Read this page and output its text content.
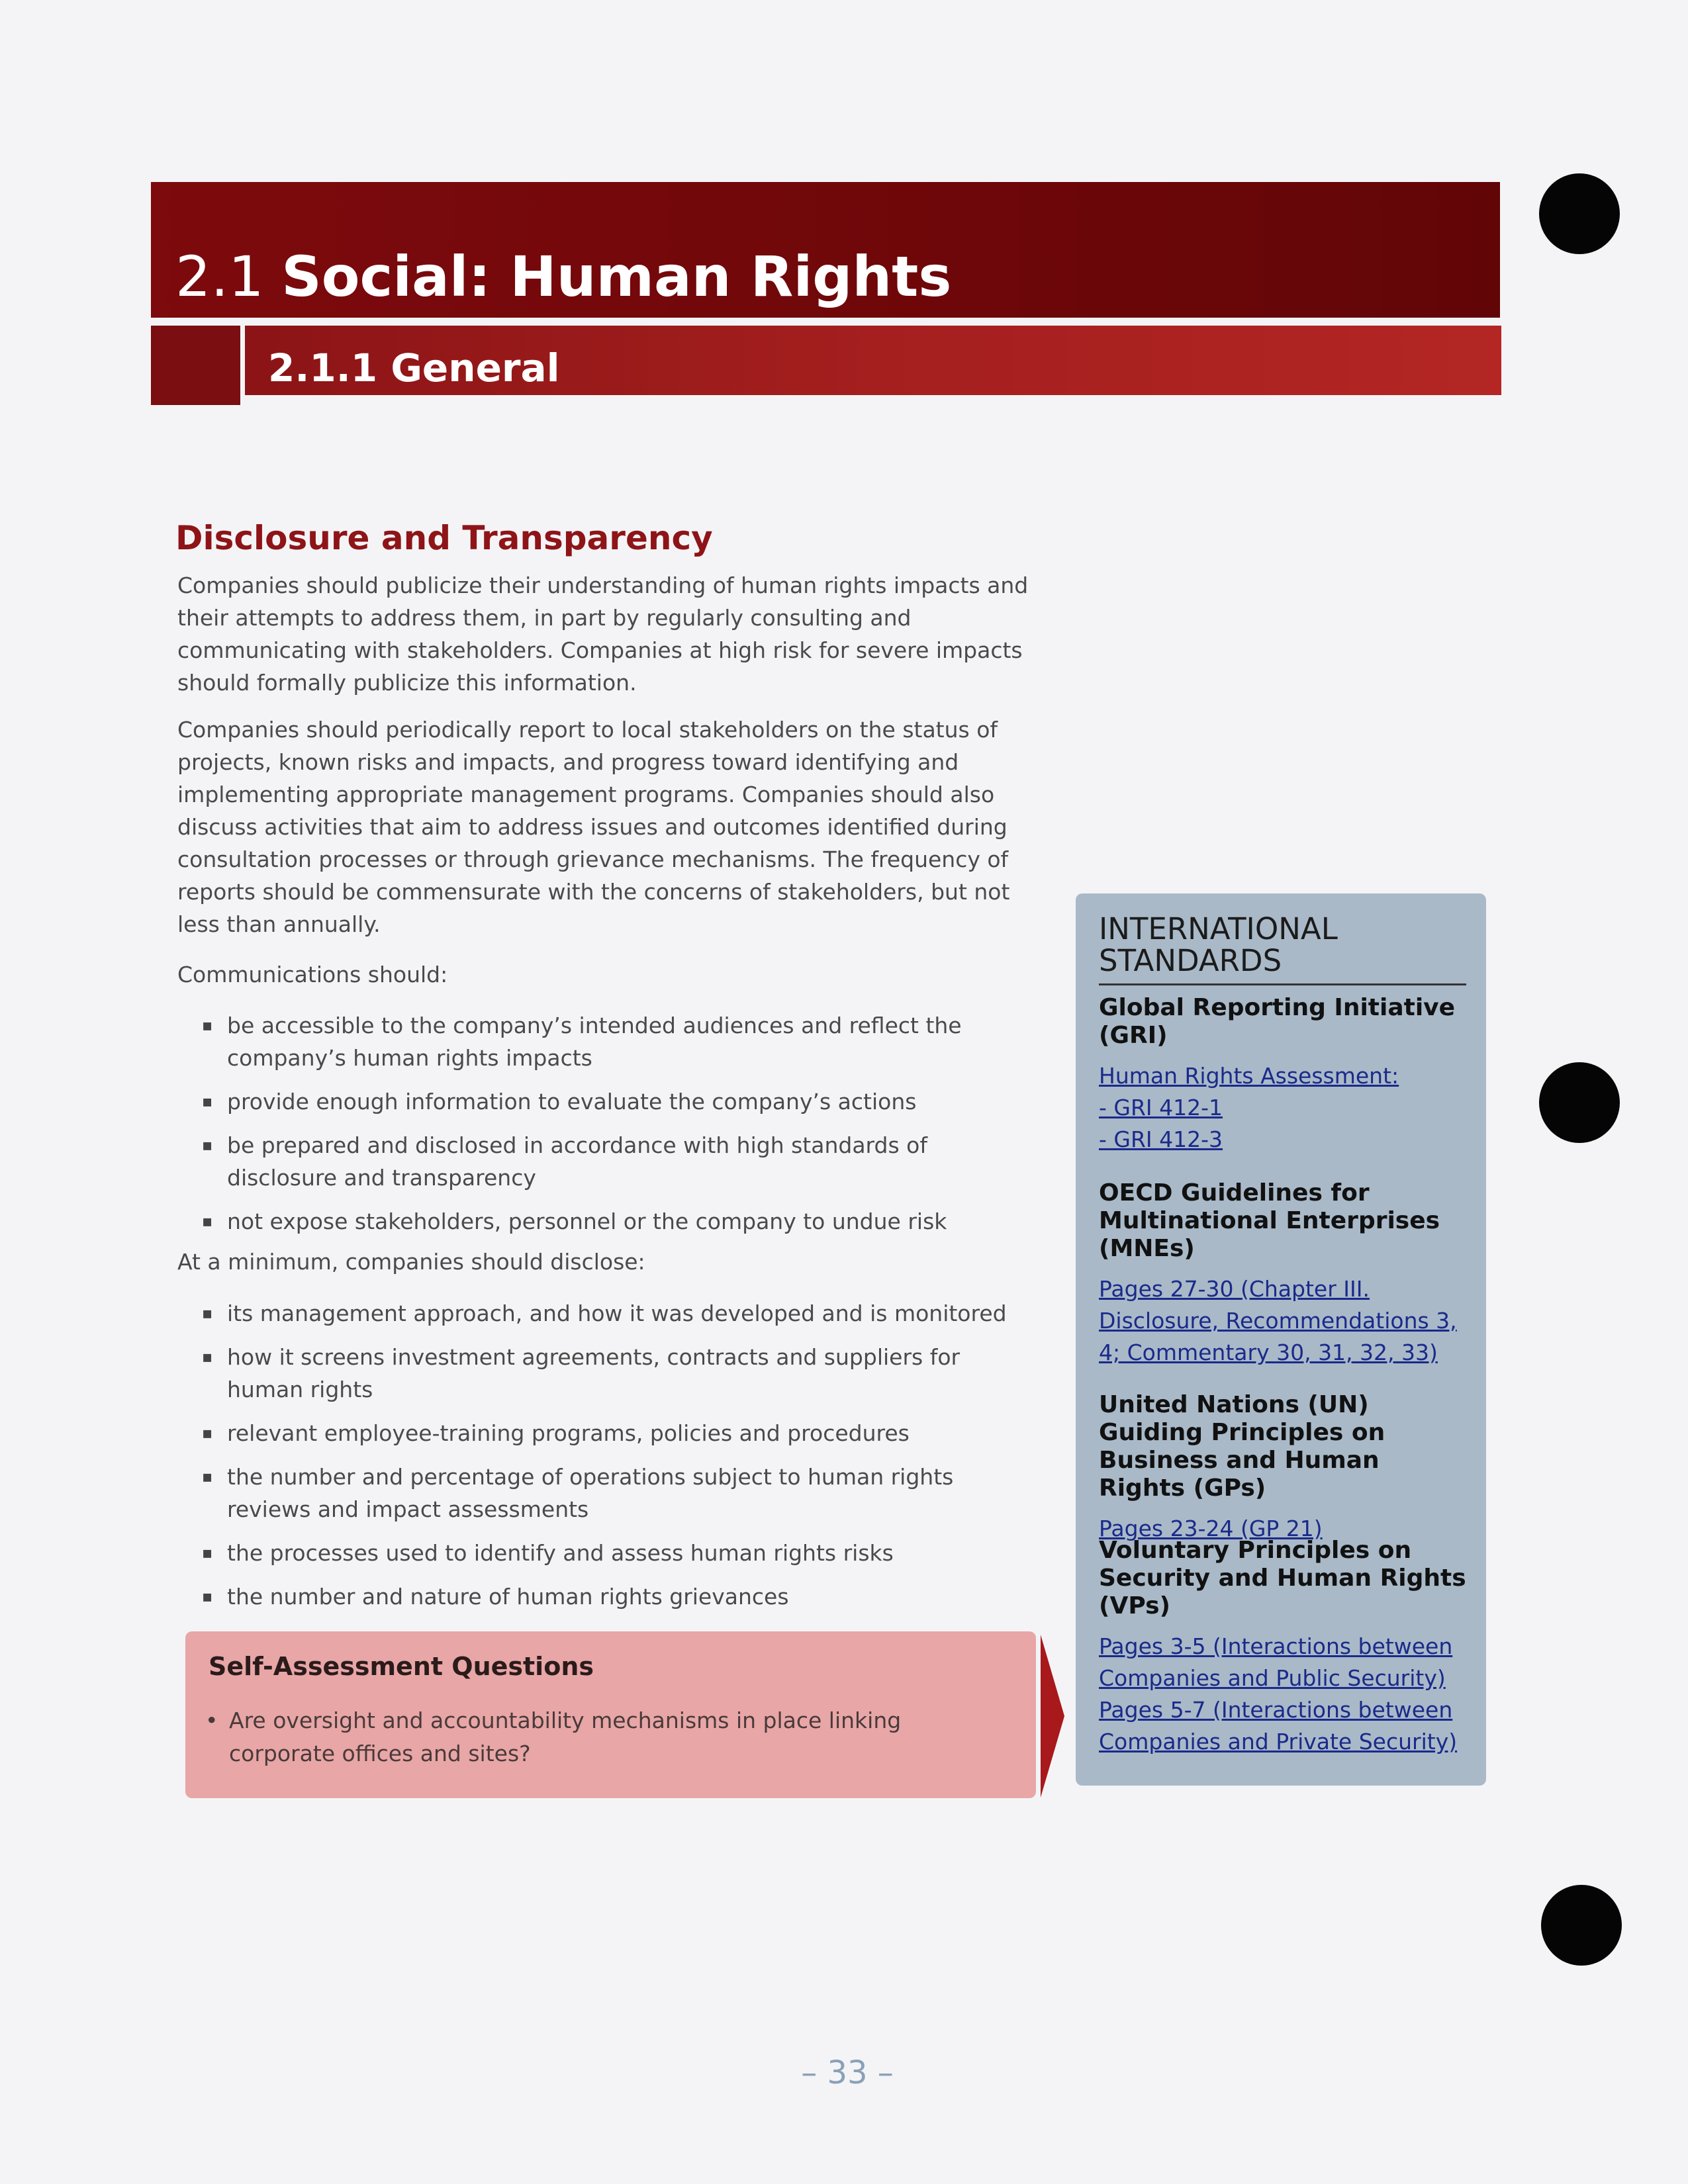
2.1 Social: Human Rights
2.1.1 General
Disclosure and Transparency

Companies should publicize their understanding of human rights impacts and their attempts to address them, in part by regularly consulting and communicating with stakeholders. Companies at high risk for severe impacts should formally publicize this information.

Companies should periodically report to local stakeholders on the status of projects, known risks and impacts, and progress toward identifying and implementing appropriate management programs. Companies should also discuss activities that aim to address issues and outcomes identified during consultation processes or through grievance mechanisms. The frequency of reports should be commensurate with the concerns of stakeholders, but not less than annually.

Communications should:

▪ be accessible to the company’s intended audiences and reflect the company’s human rights impacts
▪ provide enough information to evaluate the company’s actions
▪ be prepared and disclosed in accordance with high standards of disclosure and transparency
▪ not expose stakeholders, personnel or the company to undue risk

At a minimum, companies should disclose:

▪ its management approach, and how it was developed and is monitored
▪ how it screens investment agreements, contracts and suppliers for human rights
▪ relevant employee-training programs, policies and procedures
▪ the number and percentage of operations subject to human rights reviews and impact assessments
▪ the processes used to identify and assess human rights risks
▪ the number and nature of human rights grievances
Self-Assessment Questions
• Are oversight and accountability mechanisms in place linking corporate offices and sites?
INTERNATIONAL
STANDARDS
Global Reporting Initiative (GRI)
Human Rights Assessment:
- GRI 412-1
- GRI 412-3
OECD Guidelines for Multinational Enterprises (MNEs)
Pages 27-30 (Chapter III. Disclosure, Recommendations 3, 4; Commentary 30, 31, 32, 33)
United Nations (UN) Guiding Principles on Business and Human Rights (GPs)
Pages 23-24 (GP 21)
Voluntary Principles on Security and Human Rights (VPs)
Pages 3-5 (Interactions between Companies and Public Security)
Pages 5-7 (Interactions between Companies and Private Security)
– 33 –
